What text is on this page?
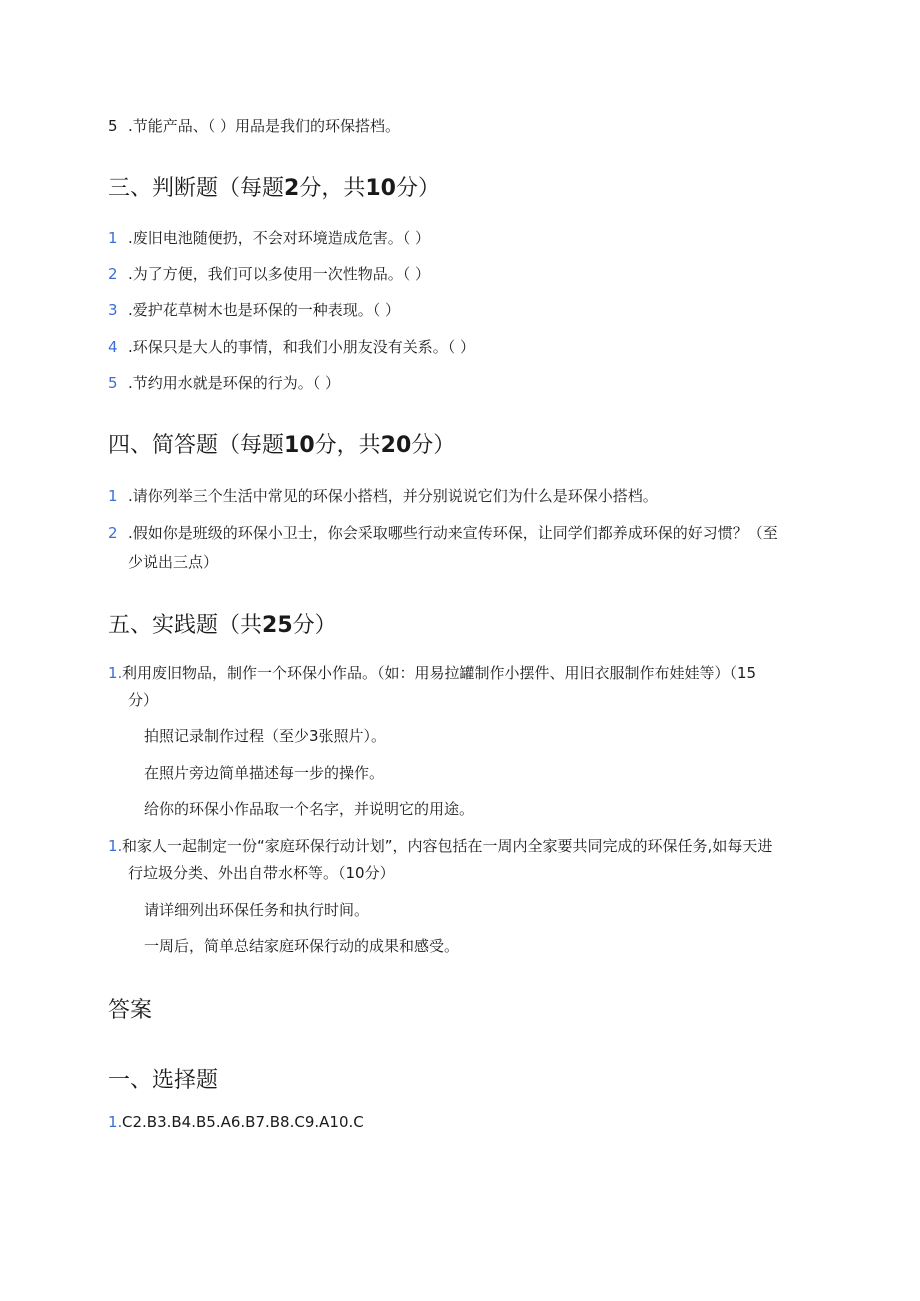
5 .节能产品、（ ）用品是我们的环保搭档。
三、判断题（每题2分，共10分）
1 .废旧电池随便扔，不会对环境造成危害。（ ）
2 .为了方便，我们可以多使用一次性物品。（ ）
3 .爱护花草树木也是环保的一种表现。（ ）
4 .环保只是大人的事情，和我们小朋友没有关系。（ ）
5 .节约用水就是环保的行为。（ ）
四、简答题（每题10分，共20分）
1 .请你列举三个生活中常见的环保小搭档，并分别说说它们为什么是环保小搭档。
2 .假如你是班级的环保小卫士，你会采取哪些行动来宣传环保，让同学们都养成环保的好习惯？（至
少说出三点）
五、实践题（共25分）
1.利用废旧物品，制作一个环保小作品。（如：用易拉罐制作小摆件、用旧衣服制作布娃娃等）（15
分）
拍照记录制作过程（至少3张照片）。
在照片旁边简单描述每一步的操作。
给你的环保小作品取一个名字，并说明它的用途。
1.和家人一起制定一份“家庭环保行动计划”，内容包括在一周内全家要共同完成的环保任务,如每天进
行垃圾分类、外出自带水杯等。（10分）
请详细列出环保任务和执行时间。
一周后，简单总结家庭环保行动的成果和感受。
答案
一、选择题
1.C2.B3.B4.B5.A6.B7.B8.C9.A10.C
